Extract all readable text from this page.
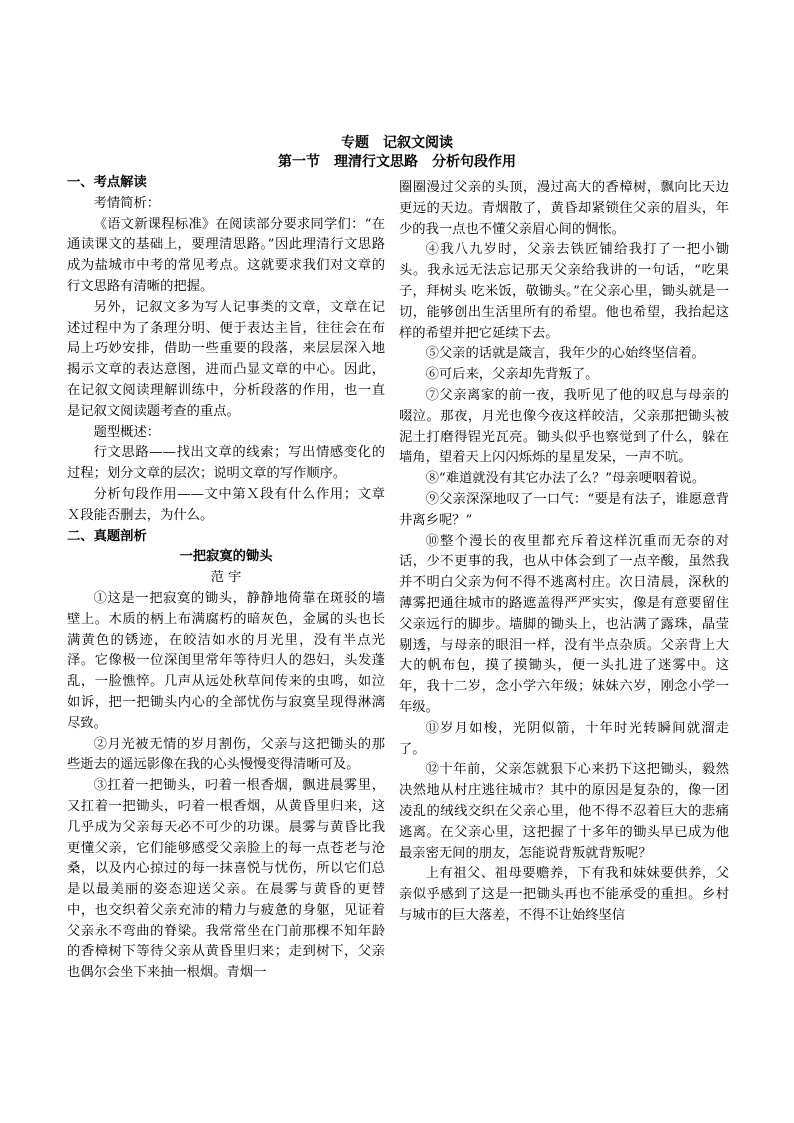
专题　记叙文阅读
第一节　理清行文思路　分析句段作用

一、考点解读

考情简析：

《语文新课程标准》在阅读部分要求同学们：“在通读课文的基础上，要理清思路。”因此理清行文思路成为盐城市中考的常见考点。这就要求我们对文章的行文思路有清晰的把握。

另外，记叙文多为写人记事类的文章，文章在记述过程中为了条理分明、便于表达主旨，往往会在布局上巧妙安排，借助一些重要的段落，来层层深入地揭示文章的表达意图，进而凸显文章的中心。因此，在记叙文阅读理解训练中，分析段落的作用，也一直是记叙文阅读题考查的重点。

题型概述：

行文思路——找出文章的线索；写出情感变化的过程；划分文章的层次；说明文章的写作顺序。

分析句段作用——文中第Ｘ段有什么作用；文章Ｘ段能否删去，为什么。

二、真题剖析

一把寂寞的锄头

范 宇

①这是一把寂寞的锄头，静静地倚靠在斑驳的墙壁上。木质的柄上布满腐朽的暗灰色，金属的头也长满黄色的锈迹，在皎洁如水的月光里，没有半点光泽。它像极一位深闺里常年等待归人的怨妇，头发蓬乱，一脸憔悴。几声从远处秋草间传来的虫鸣，如泣如诉，把一把锄头内心的全部忧伤与寂寞呈现得淋漓尽致。

②月光被无情的岁月割伤，父亲与这把锄头的那些逝去的遥远影像在我的心头慢慢变得清晰可及。

③扛着一把锄头，叼着一根香烟，飘进晨雾里，又扛着一把锄头，叼着一根香烟，从黄昏里归来，这几乎成为父亲每天必不可少的功课。晨雾与黄昏比我更懂父亲，它们能够感受父亲脸上的每一点苍老与沧桑，以及内心掠过的每一抹喜悦与忧伤，所以它们总是以最美丽的姿态迎送父亲。在晨雾与黄昏的更替中，也交织着父亲充沛的精力与疲惫的身躯，见证着父亲永不弯曲的脊梁。我常常坐在门前那棵不知年龄的香樟树下等待父亲从黄昏里归来；走到树下，父亲也偶尔会坐下来抽一根烟。青烟一

圈圈漫过父亲的头顶，漫过高大的香樟树，飘向比天边更远的天边。青烟散了，黄昏却紧锁住父亲的眉头，年少的我一点也不懂父亲眉心间的惆怅。

④我八九岁时，父亲去铁匠铺给我打了一把小锄头。我永远无法忘记那天父亲给我讲的一句话，“吃果子，拜树头 吃米饭，敬锄头。”在父亲心里，锄头就是一切，能够创出生活里所有的希望。他也希望，我抬起这样的希望并把它延续下去。

⑤父亲的话就是箴言，我年少的心始终坚信着。

⑥可后来，父亲却先背叛了。

⑦父亲离家的前一夜，我听见了他的叹息与母亲的啜泣。那夜，月光也像今夜这样皎洁，父亲那把锄头被泥土打磨得锃光瓦亮。锄头似乎也察觉到了什么，躲在墙角，望着天上闪闪烁烁的星星发呆，一声不吭。

⑧“难道就没有其它办法了么？”母亲哽咽着说。

⑨父亲深深地叹了一口气：“要是有法子，谁愿意背井离乡呢？”

⑩整个漫长的夜里都充斥着这样沉重而无奈的对话，少不更事的我，也从中体会到了一点辛酸，虽然我并不明白父亲为何不得不逃离村庄。次日清晨，深秋的薄雾把通往城市的路遮盖得严严实实，像是有意要留住父亲远行的脚步。墙脚的锄头上，也沾满了露珠，晶莹剔透，与母亲的眼泪一样，没有半点杂质。父亲背上大大的帆布包，摸了摸锄头，便一头扎进了迷雾中。这年，我十二岁，念小学六年级；妹妹六岁，刚念小学一年级。

⑪岁月如梭，光阴似箭，十年时光转瞬间就溜走了。

⑫十年前，父亲怎就狠下心来扔下这把锄头，毅然决然地从村庄逃往城市？其中的原因是复杂的，像一团凌乱的绒线交织在父亲心里，他不得不忍着巨大的悲痛逃离。在父亲心里，这把握了十多年的锄头早已成为他最亲密无间的朋友，怎能说背叛就背叛呢？

上有祖父、祖母要赡养，下有我和妹妹要供养，父亲似乎感到了这是一把锄头再也不能承受的重担。乡村与城市的巨大落差，不得不让始终坚信
